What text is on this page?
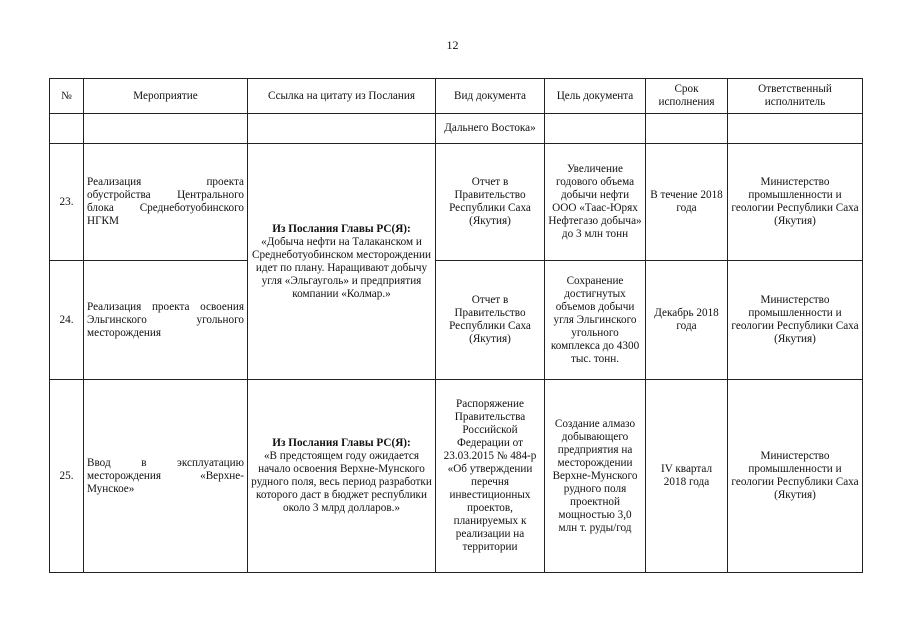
12
№	Мероприятие	Ссылка на цитату из Послания	Вид документа	Цель документа	Срок исполнения	Ответственный исполнитель
			Дальнего Востока»			
23.	Реализация проекта обустройства Центрального блока Среднеботуобинского НГКМ	Из Послания Главы РС(Я):
«Добыча нефти на Талаканском и Среднеботуобинском месторождении идет по плану. Наращивают добычу угля «Эльгауголь» и предприятия компании «Колмар.»	Отчет в Правительство Республики Саха (Якутия)	Увеличение годового объема добычи нефти ООО «Таас-Юрях Нефтегазо добыча» до 3 млн тонн	В течение 2018 года	Министерство промышленности и геологии Республики Саха (Якутия)
24.	Реализация проекта освоения Эльгинского угольного месторождения		Отчет в Правительство Республики Саха (Якутия)	Сохранение достигнутых объемов добычи угля Эльгинского угольного комплекса до 4300 тыс. тонн.	Декабрь 2018 года	Министерство промышленности и геологии Республики Саха (Якутия)
25.	Ввод в эксплуатацию месторождения «Верхне-Мунское»	Из Послания Главы РС(Я):
«В предстоящем году ожидается начало освоения Верхне-Мунского рудного поля, весь период разработки которого даст в бюджет республики около 3 млрд долларов.»	Распоряжение Правительства Российской Федерации от 23.03.2015 № 484-р «Об утверждении перечня инвестиционных проектов, планируемых к реализации на территории	Создание алмазо добывающего предприятия на месторождении Верхне-Мунского рудного поля проектной мощностью 3,0 млн т. руды/год	IV квартал 2018 года	Министерство промышленности и геологии Республики Саха (Якутия)
